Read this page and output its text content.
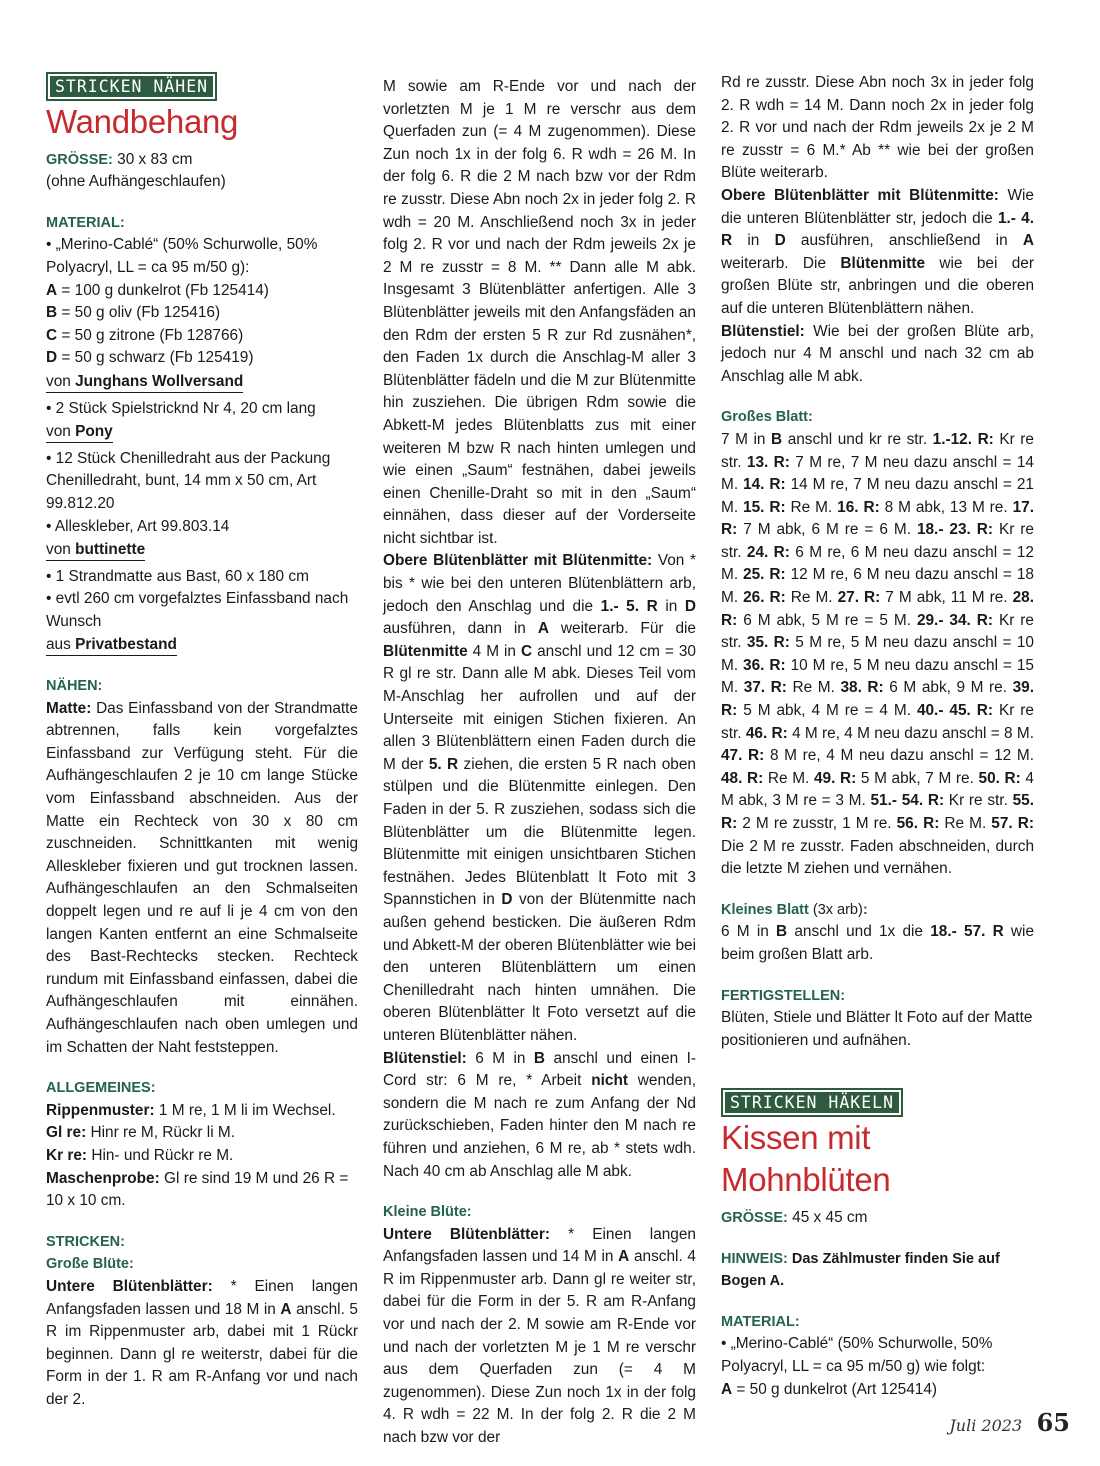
STRICKEN NÄHEN
Wandbehang

GRÖSSE: 30 x 83 cm

(ohne Aufhängeschlaufen)

MATERIAL:

• „Merino-Cablé“ (50% Schurwolle, 50% Polyacryl, LL = ca 95 m/50 g):

A = 100 g dunkelrot (Fb 125414)

B = 50 g oliv (Fb 125416)

C = 50 g zitrone (Fb 128766)

D = 50 g schwarz (Fb 125419)

von Junghans Wollversand

• 2 Stück Spielstricknd Nr 4, 20 cm lang

von Pony

• 12 Stück Chenilledraht aus der Packung Chenilledraht, bunt, 14 mm x 50 cm, Art 99.812.20

• Alleskleber, Art 99.803.14

von buttinette

• 1 Strandmatte aus Bast, 60 x 180 cm

• evtl 260 cm vorgefalztes Einfassband nach Wunsch

aus Privatbestand

NÄHEN:

Matte: Das Einfassband von der Strandmatte abtrennen, falls kein vorgefalztes Einfassband zur Verfügung steht. Für die Aufhängeschlaufen 2 je 10 cm lange Stücke vom Einfassband abschneiden. Aus der Matte ein Rechteck von 30 x 80 cm zuschneiden. Schnittkanten mit wenig Alleskleber fixieren und gut trocknen lassen. Aufhängeschlaufen an den Schmalseiten doppelt legen und re auf li je 4 cm von den langen Kanten entfernt an eine Schmalseite des Bast-Rechtecks stecken. Rechteck rundum mit Einfassband einfassen, dabei die Aufhängeschlaufen mit einnähen. Aufhängeschlaufen nach oben umlegen und im Schatten der Naht feststeppen.

ALLGEMEINES:

Rippenmuster: 1 M re, 1 M li im Wechsel.

Gl re: Hinr re M, Rückr li M.

Kr re: Hin- und Rückr re M.

Maschenprobe: Gl re sind 19 M und 26 R = 10 x 10 cm.

STRICKEN:

Große Blüte:

Untere Blütenblätter: * Einen langen Anfangsfaden lassen und 18 M in A anschl. 5 R im Rippenmuster arb, dabei mit 1 Rückr beginnen. Dann gl re weiterstr, dabei für die Form in der 1. R am R-Anfang vor und nach der 2.

M sowie am R-Ende vor und nach der vorletzten M je 1 M re verschr aus dem Querfaden zun (= 4 M zugenommen). Diese Zun noch 1x in der folg 6. R wdh = 26 M. In der folg 6. R die 2 M nach bzw vor der Rdm re zusstr. Diese Abn noch 2x in jeder folg 2. R wdh = 20 M. Anschließend noch 3x in jeder folg 2. R vor und nach der Rdm jeweils 2x je 2 M re zusstr = 8 M. ** Dann alle M abk. Insgesamt 3 Blütenblätter anfertigen. Alle 3 Blütenblätter jeweils mit den Anfangsfäden an den Rdm der ersten 5 R zur Rd zusnähen*, den Faden 1x durch die Anschlag-M aller 3 Blütenblätter fädeln und die M zur Blütenmitte hin zusziehen. Die übrigen Rdm sowie die Abkett-M jedes Blütenblatts zus mit einer weiteren M bzw R nach hinten umlegen und wie einen „Saum“ festnähen, dabei jeweils einen Chenille-Draht so mit in den „Saum“ einnähen, dass dieser auf der Vorderseite nicht sichtbar ist.

Obere Blütenblätter mit Blütenmitte: Von * bis * wie bei den unteren Blütenblättern arb, jedoch den Anschlag und die 1.- 5. R in D ausführen, dann in A weiterarb. Für die Blütenmitte 4 M in C anschl und 12 cm = 30 R gl re str. Dann alle M abk. Dieses Teil vom M-Anschlag her aufrollen und auf der Unterseite mit einigen Stichen fixieren. An allen 3 Blütenblättern einen Faden durch die M der 5. R ziehen, die ersten 5 R nach oben stülpen und die Blütenmitte einlegen. Den Faden in der 5. R zusziehen, sodass sich die Blütenblätter um die Blütenmitte legen. Blütenmitte mit einigen unsichtbaren Stichen festnähen. Jedes Blütenblatt lt Foto mit 3 Spannstichen in D von der Blütenmitte nach außen gehend besticken. Die äußeren Rdm und Abkett-M der oberen Blütenblätter wie bei den unteren Blütenblättern um einen Chenilledraht nach hinten umnähen. Die oberen Blütenblätter lt Foto versetzt auf die unteren Blütenblätter nähen.

Blütenstiel: 6 M in B anschl und einen I-Cord str: 6 M re, * Arbeit nicht wenden, sondern die M nach re zum Anfang der Nd zurückschieben, Faden hinter den M nach re führen und anziehen, 6 M re, ab * stets wdh. Nach 40 cm ab Anschlag alle M abk.

Kleine Blüte:

Untere Blütenblätter: * Einen langen Anfangsfaden lassen und 14 M in A anschl. 4 R im Rippenmuster arb. Dann gl re weiter str, dabei für die Form in der 5. R am R-Anfang vor und nach der 2. M sowie am R-Ende vor und nach der vorletzten M je 1 M re verschr aus dem Querfaden zun (= 4 M zugenommen). Diese Zun noch 1x in der folg 4. R wdh = 22 M. In der folg 2. R die 2 M nach bzw vor der

Rd re zusstr. Diese Abn noch 3x in jeder folg 2. R wdh = 14 M. Dann noch 2x in jeder folg 2. R vor und nach der Rdm jeweils 2x je 2 M re zusstr = 6 M.* Ab ** wie bei der großen Blüte weiterarb.

Obere Blütenblätter mit Blütenmitte: Wie die unteren Blütenblätter str, jedoch die 1.- 4. R in D ausführen, anschließend in A weiterarb. Die Blütenmitte wie bei der großen Blüte str, anbringen und die oberen auf die unteren Blütenblättern nähen.

Blütenstiel: Wie bei der großen Blüte arb, jedoch nur 4 M anschl und nach 32 cm ab Anschlag alle M abk.

Großes Blatt:

7 M in B anschl und kr re str. 1.-12. R: Kr re str. 13. R: 7 M re, 7 M neu dazu anschl = 14 M. 14. R: 14 M re, 7 M neu dazu anschl = 21 M. 15. R: Re M. 16. R: 8 M abk, 13 M re. 17. R: 7 M abk, 6 M re = 6 M. 18.- 23. R: Kr re str. 24. R: 6 M re, 6 M neu dazu anschl = 12 M. 25. R: 12 M re, 6 M neu dazu anschl = 18 M. 26. R: Re M. 27. R: 7 M abk, 11 M re. 28. R: 6 M abk, 5 M re = 5 M. 29.- 34. R: Kr re str. 35. R: 5 M re, 5 M neu dazu anschl = 10 M. 36. R: 10 M re, 5 M neu dazu anschl = 15 M. 37. R: Re M. 38. R: 6 M abk, 9 M re. 39. R: 5 M abk, 4 M re = 4 M. 40.- 45. R: Kr re str. 46. R: 4 M re, 4 M neu dazu anschl = 8 M. 47. R: 8 M re, 4 M neu dazu anschl = 12 M. 48. R: Re M. 49. R: 5 M abk, 7 M re. 50. R: 4 M abk, 3 M re = 3 M. 51.- 54. R: Kr re str. 55. R: 2 M re zusstr, 1 M re. 56. R: Re M. 57. R: Die 2 M re zusstr. Faden abschneiden, durch die letzte M ziehen und vernähen.

Kleines Blatt (3x arb):

6 M in B anschl und 1x die 18.- 57. R wie beim großen Blatt arb.

FERTIGSTELLEN:

Blüten, Stiele und Blätter lt Foto auf der Matte positionieren und aufnähen.

STRICKEN HÄKELN
Kissen mit Mohnblüten

GRÖSSE: 45 x 45 cm

HINWEIS: Das Zählmuster finden Sie auf Bogen A.

MATERIAL:

• „Merino-Cablé“ (50% Schurwolle, 50% Polyacryl, LL = ca 95 m/50 g) wie folgt:

A = 50 g dunkelrot (Art 125414)

Juli 2023 65
